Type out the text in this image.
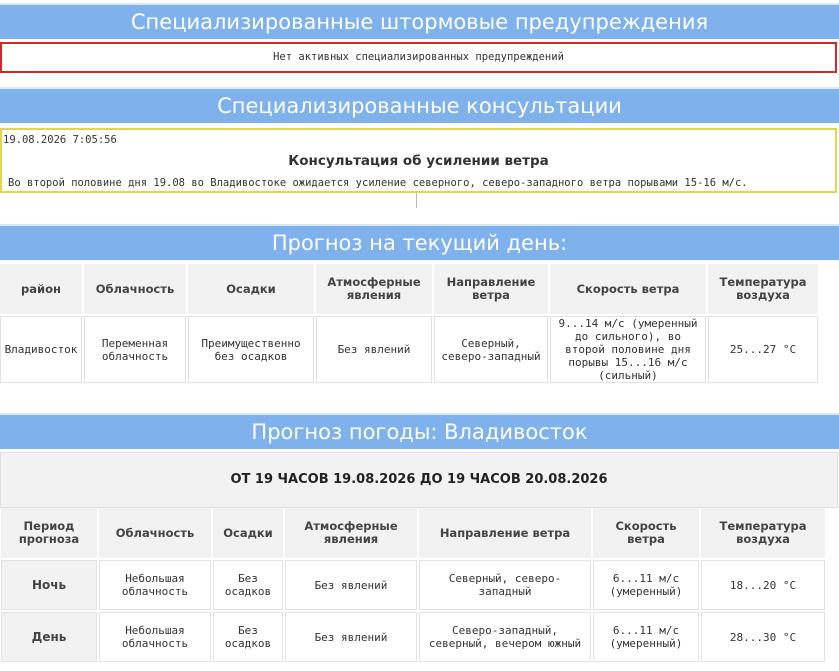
Специализированные штормовые предупреждения
Нет активных специализированных предупреждений
Специализированные консультации
19.08.2026 7:05:56
Консультация об усилении ветра
Во второй половине дня 19.08 во Владивостоке ожидается усиление северного, северо-западного ветра порывами 15-16 м/с.
Прогноз на текущий день:
район	Облачность	Осадки	Атмосферные явления	Направление ветра	Скорость ветра	Температура воздуха
Владивосток	Переменная облачность	Преимущественно без осадков	Без явлений	Северный, северо-западный	9...14 м/с (умеренный до сильного), во второй половине дня порывы 15...16 м/с (сильный)	25...27 °C
Прогноз погоды: Владивосток
ОТ 19 ЧАСОВ 19.08.2026 ДО 19 ЧАСОВ 20.08.2026
Период прогноза	Облачность	Осадки	Атмосферные явления	Направление ветра	Скорость ветра	Температура воздуха
Ночь	Небольшая облачность	Без осадков	Без явлений	Северный, северо-западный	6...11 м/с (умеренный)	18...20 °C
День	Небольшая облачность	Без осадков	Без явлений	Северо-западный, северный, вечером южный	6...11 м/с (умеренный)	28...30 °C
